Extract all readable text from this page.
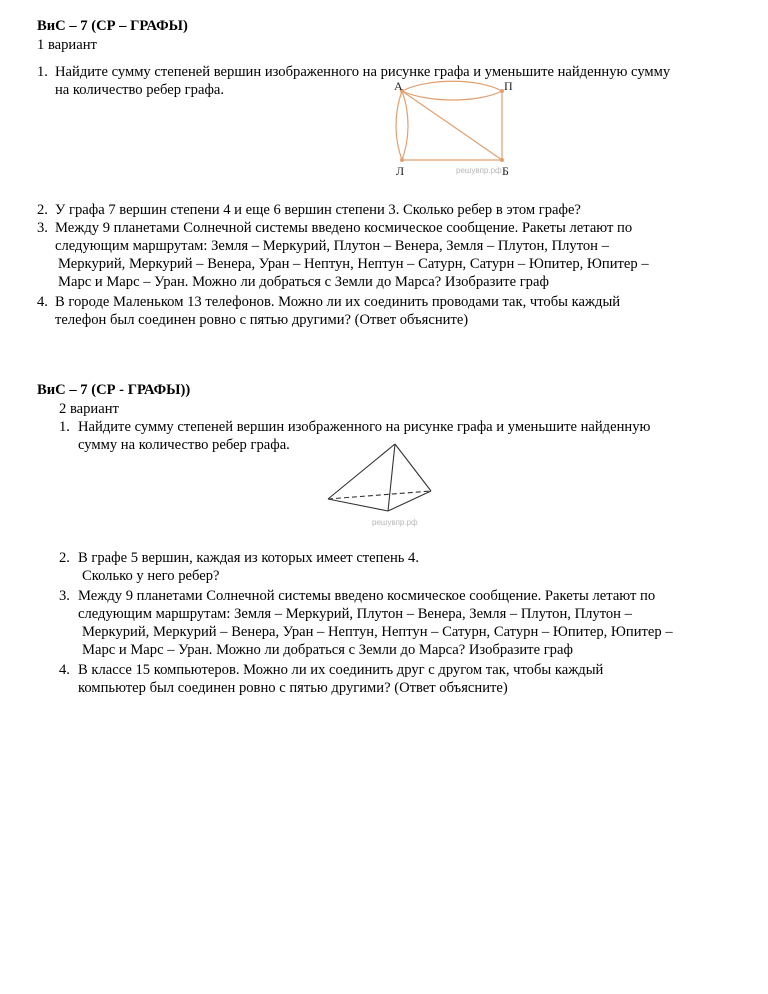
ВиС – 7 (СР – ГРАФЫ)
1 вариант
1. Найдите сумму степеней вершин изображенного на рисунке графа и уменьшите найденную сумму
на количество ребер графа.	А	П
Л	Б
решувпр.рф
2. У графа 7 вершин степени 4 и еще 6 вершин степени 3. Сколько ребер в этом графе?
3. Между 9 планетами Солнечной системы введено космическое сообщение. Ракеты летают по
следующим маршрутам: Земля – Меркурий, Плутон – Венера, Земля – Плутон, Плутон –
Меркурий, Меркурий – Венера, Уран – Нептун, Нептун – Сатурн, Сатурн – Юпитер, Юпитер –
Марс и Марс – Уран. Можно ли добраться с Земли до Марса? Изобразите граф
4. В городе Маленьком 13 телефонов. Можно ли их соединить проводами так, чтобы каждый
телефон был соединен ровно с пятью другими? (Ответ объясните)
ВиС – 7 (СР - ГРАФЫ))
2 вариант
1. Найдите сумму степеней вершин изображенного на рисунке графа и уменьшите найденную
сумму на количество ребер графа.
решувпр.рф
2. В графе 5 вершин, каждая из которых имеет степень 4.
Сколько у него ребер?
3. Между 9 планетами Солнечной системы введено космическое сообщение. Ракеты летают по
следующим маршрутам: Земля – Меркурий, Плутон – Венера, Земля – Плутон, Плутон –
Меркурий, Меркурий – Венера, Уран – Нептун, Нептун – Сатурн, Сатурн – Юпитер, Юпитер –
Марс и Марс – Уран. Можно ли добраться с Земли до Марса? Изобразите граф
4. В классе 15 компьютеров. Можно ли их соединить друг с другом так, чтобы каждый
компьютер был соединен ровно с пятью другими? (Ответ объясните)
